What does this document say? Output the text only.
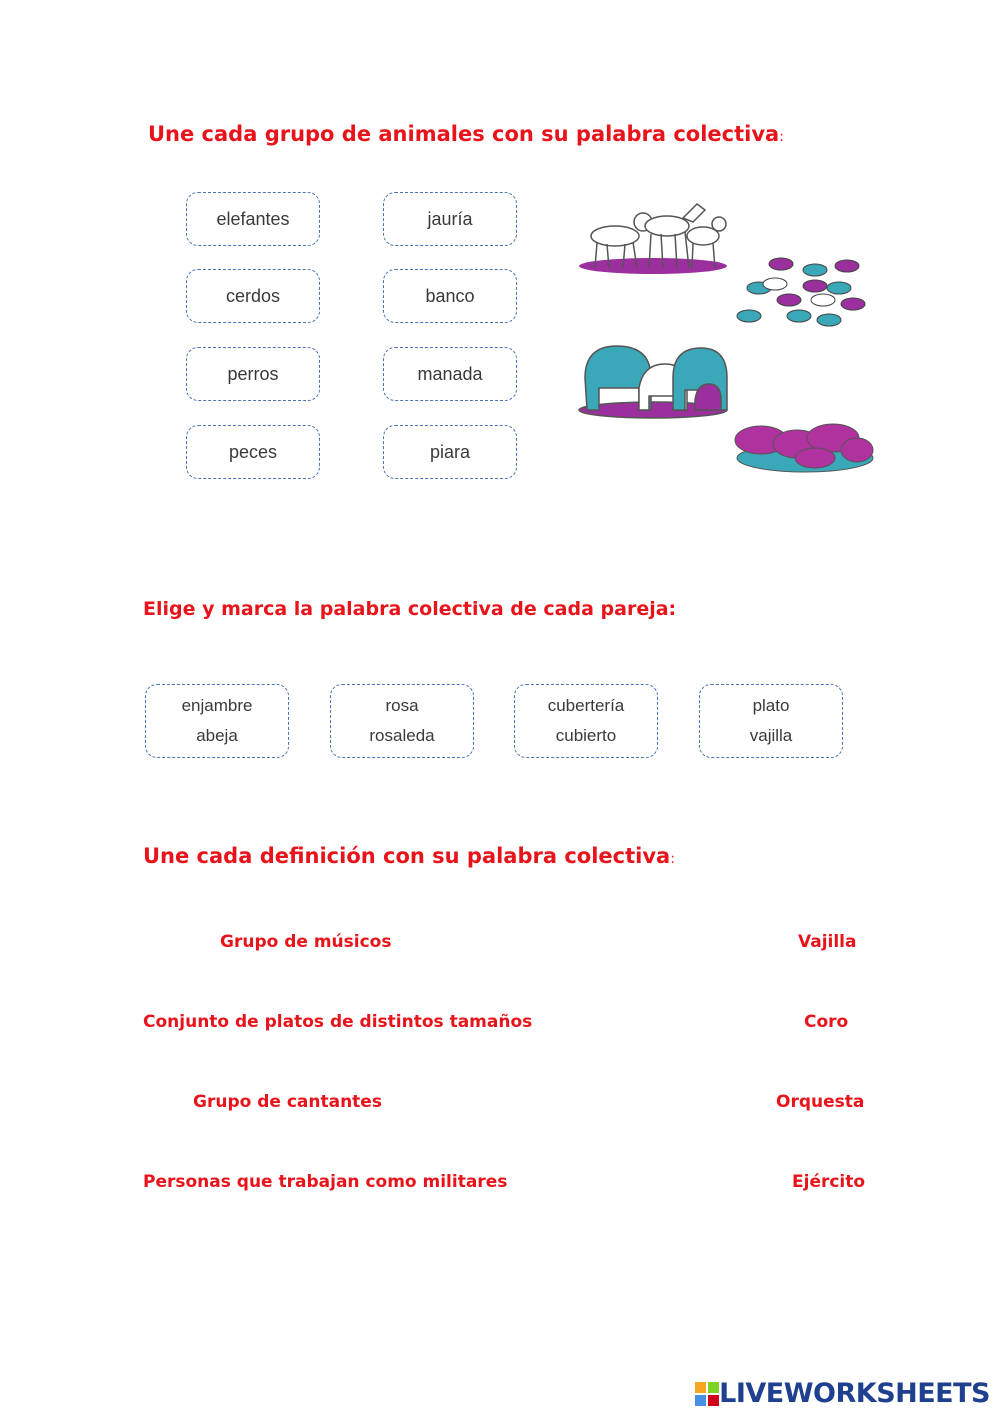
Une cada grupo de animales con su palabra colectiva:
elefantes
cerdos
perros
peces
jauría
banco
manada
piara
Elige y marca la palabra colectiva de cada pareja:
enjambre
abeja
rosa
rosaleda
cubertería
cubierto
plato
vajilla
Une cada definición con su palabra colectiva:
Grupo de músicos
Conjunto de platos de distintos tamaños
Grupo de cantantes
Personas que trabajan como militares
Vajilla
Coro
Orquesta
Ejército
LIVEWORKSHEETS
